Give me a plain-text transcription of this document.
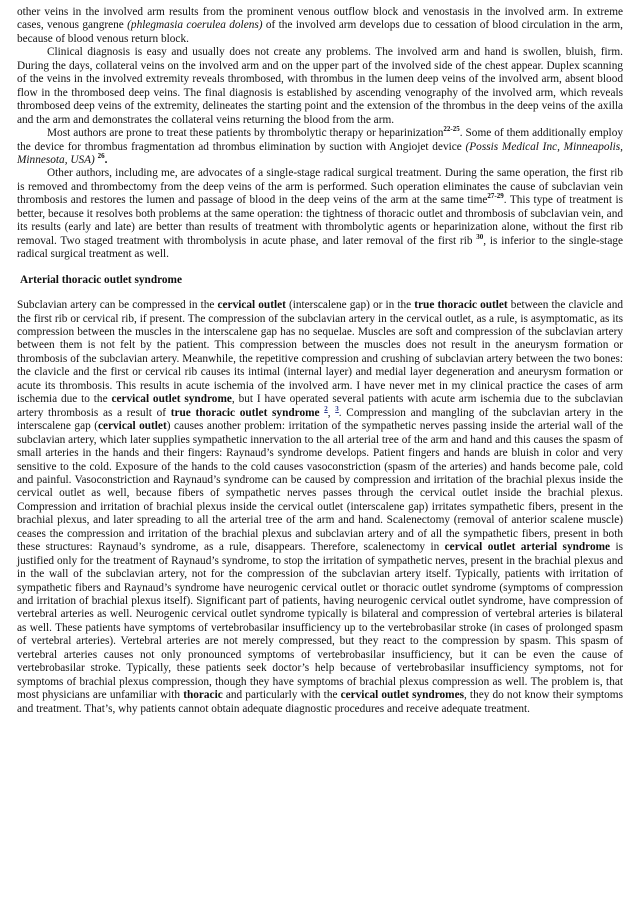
other veins in the involved arm results from the prominent venous outflow block and venostasis in the involved arm. In extreme cases, venous gangrene (phlegmasia coerulea dolens) of the involved arm develops due to cessation of blood circulation in the arm, because of blood venous return block.

Clinical diagnosis is easy and usually does not create any problems. The involved arm and hand is swollen, bluish, firm. During the days, collateral veins on the involved arm and on the upper part of the involved side of the chest appear. Duplex scanning of the veins in the involved extremity reveals thrombosed, with thrombus in the lumen deep veins of the involved arm, absent blood flow in the thrombosed deep veins. The final diagnosis is established by ascending venography of the involved arm, which reveals thrombosed deep veins of the extremity, delineates the starting point and the extension of the thrombus in the deep veins of the axilla and the arm and demonstrates the collateral veins returning the blood from the arm.

Most authors are prone to treat these patients by thrombolytic therapy or heparinization$^{22-25}$. Some of them additionally employ the device for thrombus fragmentation ad thrombus elimination by suction with Angiojet device (Possis Medical Inc, Minneapolis, Minnesota, USA) $^{26}$.

Other authors, including me, are advocates of a single-stage radical surgical treatment. During the same operation, the first rib is removed and thrombectomy from the deep veins of the arm is performed. Such operation eliminates the cause of subclavian vein thrombosis and restores the lumen and passage of blood in the deep veins of the arm at the same time$^{27-29}$. This type of treatment is better, because it resolves both problems at the same operation: the tightness of thoracic outlet and thrombosis of subclavian vein, and its results (early and late) are better than results of treatment with thrombolytic agents or heparinization alone, without the first rib removal. Two staged treatment with thrombolysis in acute phase, and later removal of the first rib $^{30}$, is inferior to the single-stage radical surgical treatment as well.

Arterial thoracic outlet syndrome

Subclavian artery can be compressed in the cervical outlet (interscalene gap) or in the true thoracic outlet between the clavicle and the first rib or cervical rib, if present. The compression of the subclavian artery in the cervical outlet, as a rule, is asymptomatic, as its compression between the muscles in the interscalene gap has no sequelae. Muscles are soft and compression of the subclavian artery between them is not felt by the patient. This compression between the muscles does not result in the aneurysm formation or thrombosis of the subclavian artery. Meanwhile, the repetitive compression and crushing of subclavian artery between the two bones: the clavicle and the first or cervical rib causes its intimal (internal layer) and medial layer degeneration and aneurysm formation or acute its thrombosis. This results in acute ischemia of the involved arm. I have never met in my clinical practice the cases of arm ischemia due to the cervical outlet syndrome, but I have operated several patients with acute arm ischemia due to the subclavian artery thrombosis as a result of true thoracic outlet syndrome $^2$, $^3$. Compression and mangling of the subclavian artery in the interscalene gap (cervical outlet) causes another problem: irritation of the sympathetic nerves passing inside the arterial wall of the subclavian artery, which later supplies sympathetic innervation to the all arterial tree of the arm and hand and this causes the spasm of small arteries in the hands and their fingers: Raynaud’s syndrome develops. Patient fingers and hands are bluish in color and very sensitive to the cold. Exposure of the hands to the cold causes vasoconstriction (spasm of the arteries) and hands become pale, cold and painful. Vasoconstriction and Raynaud’s syndrome can be caused by compression and irritation of the brachial plexus inside the cervical outlet as well, because fibers of sympathetic nerves passes through the cervical outlet inside the brachial plexus. Compression and irritation of brachial plexus inside the cervical outlet (interscalene gap) irritates sympathetic fibers, present in the brachial plexus, and later spreading to all the arterial tree of the arm and hand. Scalenectomy (removal of anterior scalene muscle) ceases the compression and irritation of the brachial plexus and subclavian artery and of all the sympathetic fibers, present in both these structures: Raynaud’s syndrome, as a rule, disappears. Therefore, scalenectomy in cervical outlet arterial syndrome is justified only for the treatment of Raynaud’s syndrome, to stop the irritation of sympathetic nerves, present in the brachial plexus and in the wall of the subclavian artery, not for the compression of the subclavian artery itself. Typically, patients with irritation of sympathetic fibers and Raynaud’s syndrome have neurogenic cervical outlet or thoracic outlet syndrome (symptoms of compression and irritation of brachial plexus itself). Significant part of patients, having neurogenic cervical outlet syndrome, have compression of vertebral arteries as well. Neurogenic cervical outlet syndrome typically is bilateral and compression of vertebral arteries is bilateral as well. These patients have symptoms of vertebrobasilar insufficiency up to the vertebrobasilar stroke (in cases of prolonged spasm of vertebral arteries). Vertebral arteries are not merely compressed, but they react to the compression by spasm. This spasm of vertebral arteries causes not only pronounced symptoms of vertebrobasilar insufficiency, but it can be even the cause of vertebrobasilar stroke. Typically, these patients seek doctor’s help because of vertebrobasilar insufficiency symptoms, not for symptoms of brachial plexus compression, though they have symptoms of brachial plexus compression as well. The problem is, that most physicians are unfamiliar with thoracic and particularly with the cervical outlet syndromes, they do not know their symptoms and treatment. That’s, why patients cannot obtain adequate diagnostic procedures and receive adequate treatment.
